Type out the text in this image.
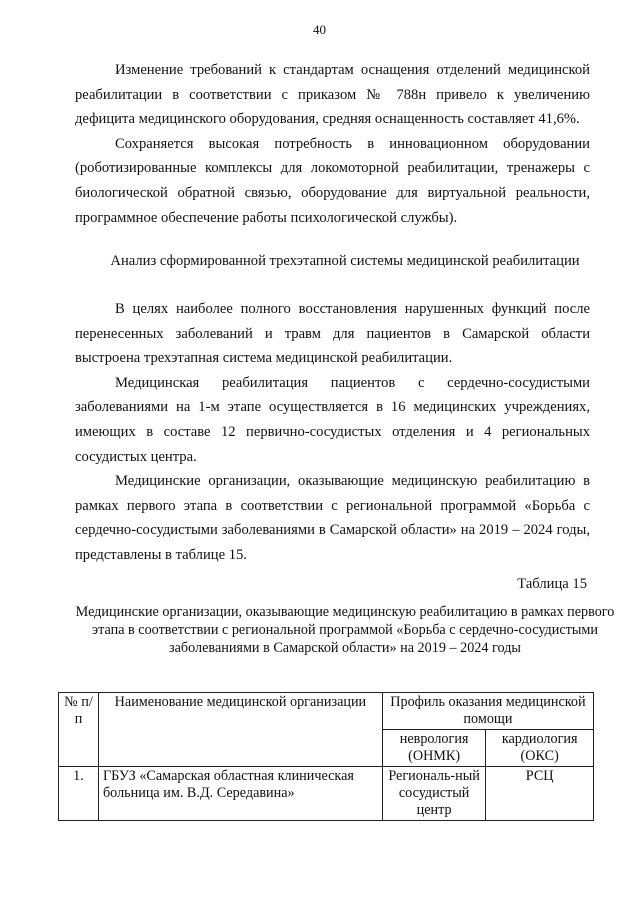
40

Изменение требований к стандартам оснащения отделений медицинской реабилитации в соответствии с приказом № 788н привело к увеличению дефицита медицинского оборудования, средняя оснащенность составляет 41,6%.

Сохраняется высокая потребность в инновационном оборудовании (роботизированные комплексы для локомоторной реабилитации, тренажеры с биологической обратной связью, оборудование для виртуальной реальности, программное обеспечение работы психологической службы).

Анализ сформированной трехэтапной системы медицинской реабилитации

В целях наиболее полного восстановления нарушенных функций после перенесенных заболеваний и травм для пациентов в Самарской области выстроена трехэтапная система медицинской реабилитации.

Медицинская реабилитация пациентов с сердечно-сосудистыми заболеваниями на 1-м этапе осуществляется в 16 медицинских учреждениях, имеющих в составе 12 первично-сосудистых отделения и 4 региональных сосудистых центра.

Медицинские организации, оказывающие медицинскую реабилитацию в рамках первого этапа в соответствии с региональной программой «Борьба с сердечно-сосудистыми заболеваниями в Самарской области» на 2019 – 2024 годы, представлены в таблице 15.

Таблица 15
Медицинские организации, оказывающие медицинскую реабилитацию в рамках первого этапа в соответствии с региональной программой «Борьба с сердечно-сосудистыми заболеваниями в Самарской области» на 2019 – 2024 годы
№ п/п	Наименование медицинской организации	Профиль оказания медицинской помощи	
		неврология (ОНМК)	кардиология (ОКС)
1.	ГБУЗ «Самарская областная клиническая больница им. В.Д. Середавина»	Региональ-ный сосудистый центр	РСЦ
